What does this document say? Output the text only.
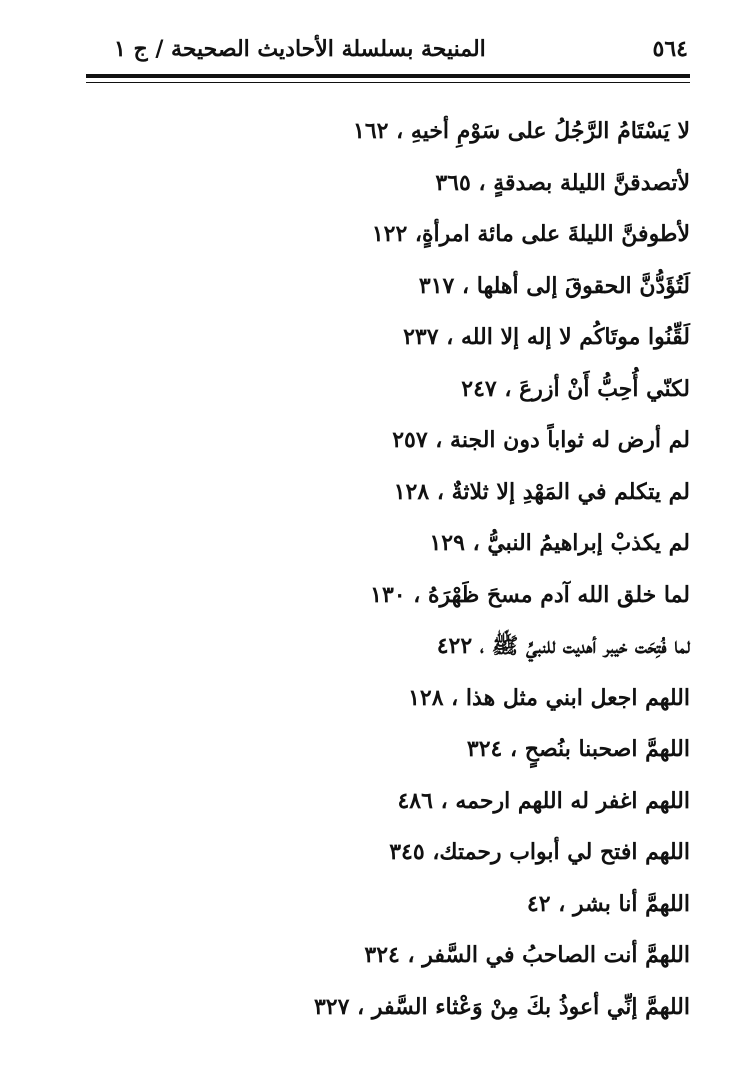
٥٦٤
المنيحة بسلسلة الأحاديث الصحيحة / ج ١
لا يَسْتَامُ الرَّجُلُ على سَوْمِ أخيهِ ، ١٦٢
لأتصدقنَّ الليلة بصدقةٍ ، ٣٦٥
لأطوفنَّ الليلةَ على مائة امرأةٍ، ١٢٢
لَتُؤَدُّنَّ الحقوقَ إلى أهلها ، ٣١٧
لَقِّنُوا موتَاكُم لا إله إلا الله ، ٢٣٧
لكنّي أُحِبُّ أَنْ أزرعَ ، ٢٤٧
لم أرض له ثواباً دون الجنة ، ٢٥٧
لم يتكلم في المَهْدِ إلا ثلاثةٌ ، ١٢٨
لم يكذبْ إبراهيمُ النبيُّ ، ١٢٩
لما خلق الله آدم مسحَ ظَهْرَهُ ، ١٣٠
لما فُتِحَت خيبر أهديت للنبيِّ ﷺ ، ٤٢٢
اللهم اجعل ابني مثل هذا ، ١٢٨
اللهمَّ اصحبنا بنُصحٍ ، ٣٢٤
اللهم اغفر له اللهم ارحمه ، ٤٨٦
اللهم افتح لي أبواب رحمتك، ٣٤٥
اللهمَّ أنا بشر ، ٤٢
اللهمَّ أنت الصاحبُ في السَّفر ، ٣٢٤
اللهمَّ إنِّي أعوذُ بكَ مِنْ وَعْثاء السَّفر ، ٣٢٧
